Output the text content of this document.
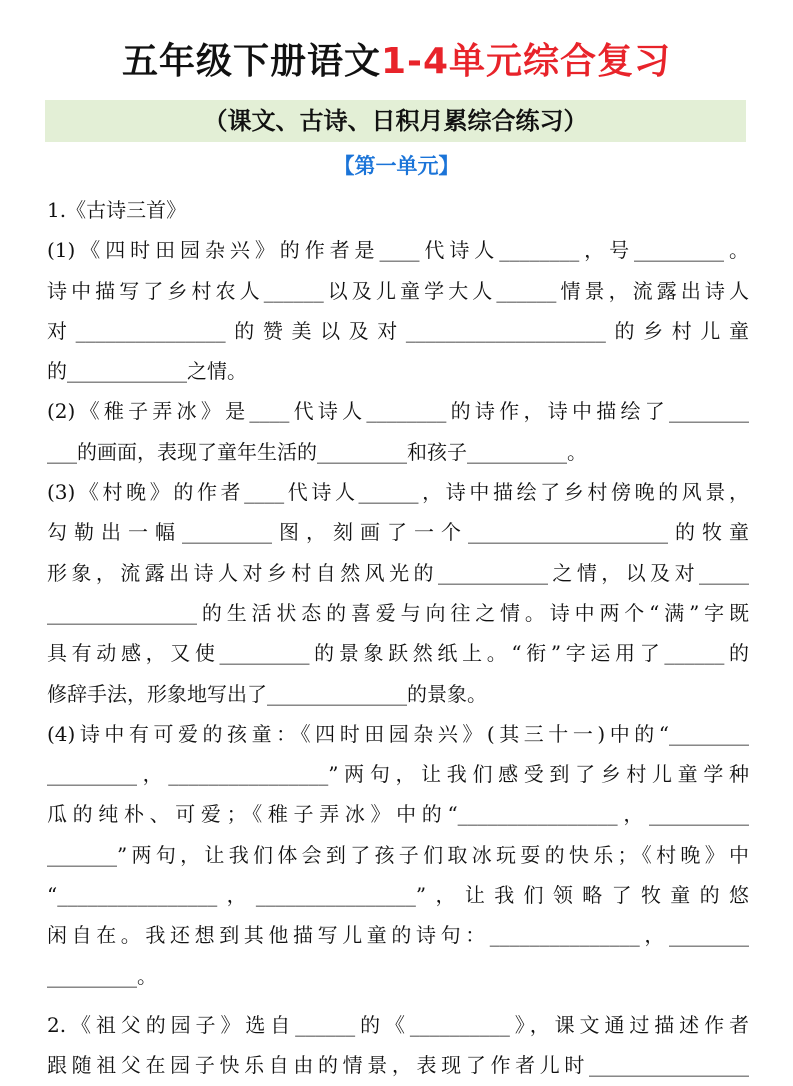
五年级下册语文1-4单元综合复习
（课文、古诗、日积月累综合练习）
【第一单元】
1.《古诗三首》
(1)《四时田园杂兴》的作者是____代诗人________，号_________。
诗中描写了乡村农人______以及儿童学大人______情景，流露出诗人
对_______________的赞美以及对____________________的乡村儿童
的____________之情。
(2)《稚子弄冰》是____代诗人________的诗作，诗中描绘了________
___的画面，表现了童年生活的_________和孩子__________。
(3)《村晚》的作者____代诗人______，诗中描绘了乡村傍晚的风景，
勾勒出一幅_________图，刻画了一个____________________的牧童
形象，流露出诗人对乡村自然风光的___________之情，以及对_____
_______________的生活状态的喜爱与向往之情。诗中两个“满”字既
具有动感，又使_________的景象跃然纸上。“衔”字运用了______的
修辞手法，形象地写出了______________的景象。
(4)诗中有可爱的孩童：《四时田园杂兴》(其三十一)中的“________
_________，________________”两句，让我们感受到了乡村儿童学种
瓜的纯朴、可爱；《稚子弄冰》中的“________________，__________
_______”两句，让我们体会到了孩子们取冰玩耍的快乐；《村晚》中
“________________，________________”，让我们领略了牧童的悠
闲自在。我还想到其他描写儿童的诗句：_______________，________
_________。
2.《祖父的园子》选自______的《__________》，课文通过描述作者
跟随祖父在园子快乐自由的情景，表现了作者儿时________________
